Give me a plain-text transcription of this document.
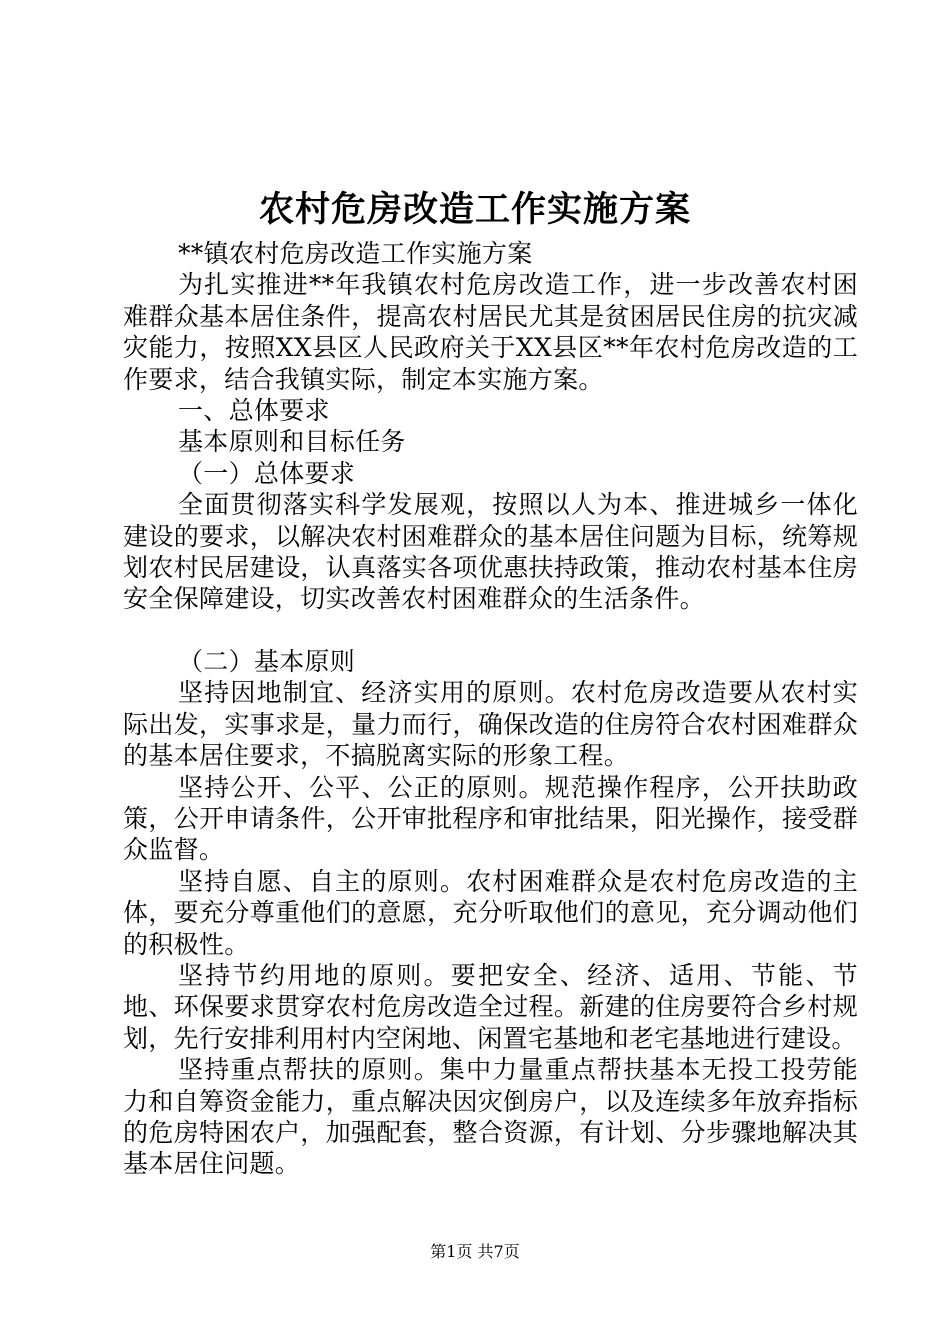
农村危房改造工作实施方案

**镇农村危房改造工作实施方案

为扎实推进**年我镇农村危房改造工作，进一步改善农村困难群众基本居住条件，提高农村居民尤其是贫困居民住房的抗灾减灾能力，按照XX县区人民政府关于XX县区**年农村危房改造的工作要求，结合我镇实际，制定本实施方案。

一、总体要求

基本原则和目标任务

（一）总体要求

全面贯彻落实科学发展观，按照以人为本、推进城乡一体化建设的要求，以解决农村困难群众的基本居住问题为目标，统筹规划农村民居建设，认真落实各项优惠扶持政策，推动农村基本住房安全保障建设，切实改善农村困难群众的生活条件。

（二）基本原则

坚持因地制宜、经济实用的原则。农村危房改造要从农村实际出发，实事求是，量力而行，确保改造的住房符合农村困难群众的基本居住要求，不搞脱离实际的形象工程。

坚持公开、公平、公正的原则。规范操作程序，公开扶助政策，公开申请条件，公开审批程序和审批结果，阳光操作，接受群众监督。

坚持自愿、自主的原则。农村困难群众是农村危房改造的主体，要充分尊重他们的意愿，充分听取他们的意见，充分调动他们的积极性。

坚持节约用地的原则。要把安全、经济、适用、节能、节地、环保要求贯穿农村危房改造全过程。新建的住房要符合乡村规划，先行安排利用村内空闲地、闲置宅基地和老宅基地进行建设。

坚持重点帮扶的原则。集中力量重点帮扶基本无投工投劳能力和自筹资金能力，重点解决因灾倒房户，以及连续多年放弃指标的危房特困农户，加强配套，整合资源，有计划、分步骤地解决其基本居住问题。

第1页 共7页
